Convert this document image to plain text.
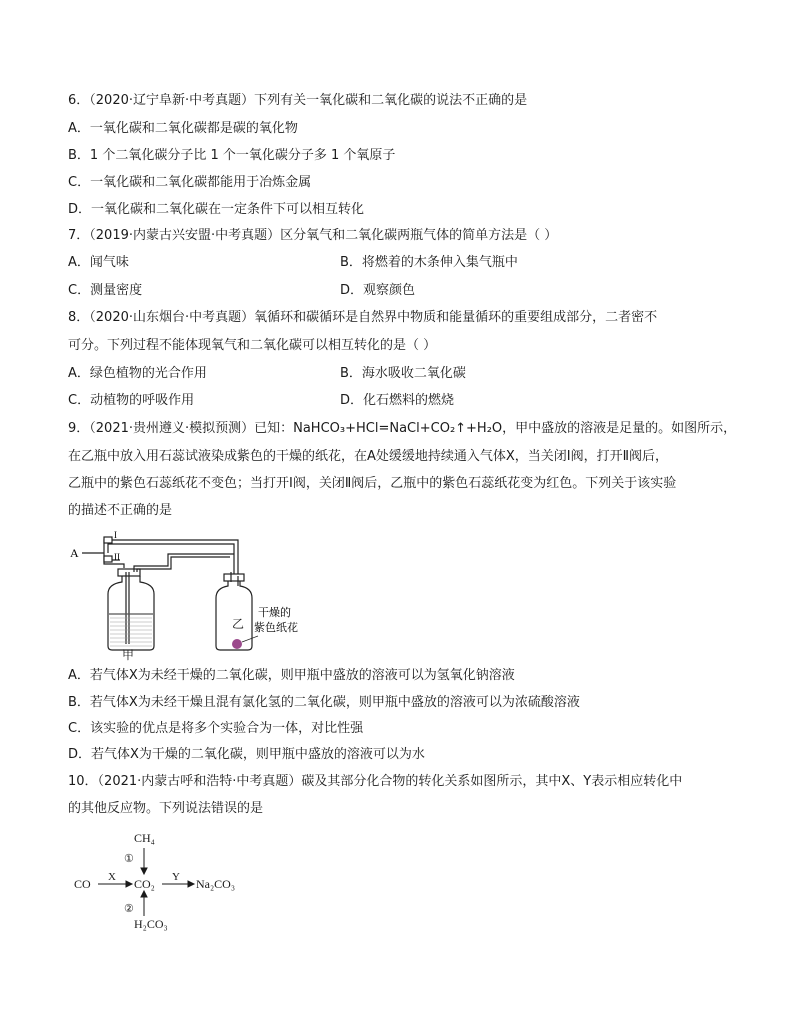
6．（2020·辽宁阜新·中考真题）下列有关一氧化碳和二氧化碳的说法不正确的是
A．一氧化碳和二氧化碳都是碳的氧化物
B．1 个二氧化碳分子比 1 个一氧化碳分子多 1 个氧原子
C．一氧化碳和二氧化碳都能用于冶炼金属
D．一氧化碳和二氧化碳在一定条件下可以相互转化
7．（2019·内蒙古兴安盟·中考真题）区分氧气和二氧化碳两瓶气体的简单方法是（ ）
A．闻气味	B．将燃着的木条伸入集气瓶中
C．测量密度	D．观察颜色
8．（2020·山东烟台·中考真题）氧循环和碳循环是自然界中物质和能量循环的重要组成部分，二者密不
可分。下列过程不能体现氧气和二氧化碳可以相互转化的是（ ）
A．绿色植物的光合作用	B．海水吸收二氧化碳
C．动植物的呼吸作用	D．化石燃料的燃烧
9．（2021·贵州遵义·模拟预测）已知：NaHCO₃+HCl=NaCl+CO₂↑+H₂O，甲中盛放的溶液是足量的。如图所示，
在乙瓶中放入用石蕊试液染成紫色的干燥的纸花，在A处缓缓地持续通入气体X，当关闭Ⅰ阀，打开Ⅱ阀后，
乙瓶中的紫色石蕊纸花不变色；当打开Ⅰ阀，关闭Ⅱ阀后，乙瓶中的紫色石蕊纸花变为红色。下列关于该实验
的描述不正确的是
A
I
II
干燥的
紫色纸花
甲
乙
A．若气体X为未经干燥的二氧化碳，则甲瓶中盛放的溶液可以为氢氧化钠溶液
B．若气体X为未经干燥且混有氯化氢的二氧化碳，则甲瓶中盛放的溶液可以为浓硫酸溶液
C．该实验的优点是将多个实验合为一体，对比性强
D．若气体X为干燥的二氧化碳，则甲瓶中盛放的溶液可以为水
10．（2021·内蒙古呼和浩特·中考真题）碳及其部分化合物的转化关系如图所示，其中X、Y表示相应转化中
的其他反应物。下列说法错误的是
CH₄
①
CO X CO₂ Y Na₂CO₃
②
H₂CO₃
